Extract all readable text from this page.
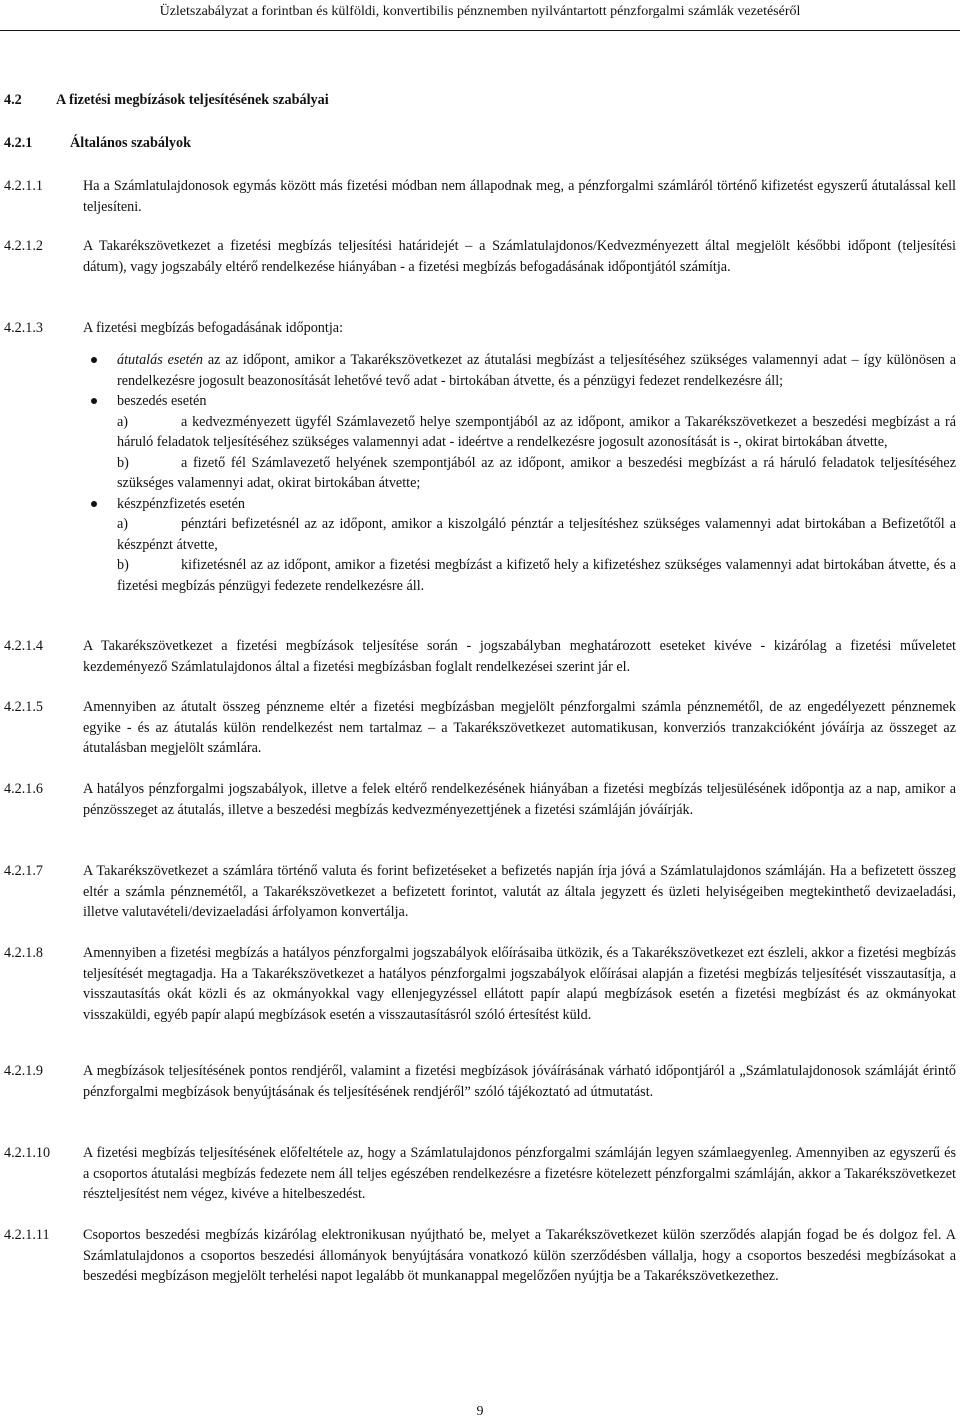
Üzletszabályzat a forintban és külföldi, konvertibilis pénznemben nyilvántartott pénzforgalmi számlák vezetéséről
4.2 A fizetési megbízások teljesítésének szabályai
4.2.1	Általános szabályok
4.2.1.1	Ha a Számlatulajdonosok egymás között más fizetési módban nem állapodnak meg, a pénzforgalmi számláról történő kifizetést egyszerű átutalással kell teljesíteni.

4.2.1.2	A Takarékszövetkezet a fizetési megbízás teljesítési határidejét – a Számlatulajdonos/Kedvezményezett által megjelölt későbbi időpont (teljesítési dátum), vagy jogszabály eltérő rendelkezése hiányában - a fizetési megbízás befogadásának időpontjától számítja.

4.2.1.3	A fizetési megbízás befogadásának időpontja:

átutalás esetén az az időpont, amikor a Takarékszövetkezet az átutalási megbízást a teljesítéséhez szükséges valamennyi adat – így különösen a rendelkezésre jogosult beazonosítását lehetővé tevő adat - birtokában átvette, és a pénzügyi fedezet rendelkezésre áll;
beszedés esetén
a)	a kedvezményezett ügyfél Számlavezető helye szempontjából az az időpont, amikor a Takarékszövetkezet a beszedési megbízást a rá háruló feladatok teljesítéséhez szükséges valamennyi adat - ideértve a rendelkezésre jogosult azonosítását is -, okirat birtokában átvette,
b)	a fizető fél Számlavezető helyének szempontjából az az időpont, amikor a beszedési megbízást a rá háruló feladatok teljesítéséhez szükséges valamennyi adat, okirat birtokában átvette;
készpénzfizetés esetén
a)	pénztári befizetésnél az az időpont, amikor a kiszolgáló pénztár a teljesítéshez szükséges valamennyi adat birtokában a Befizetőtől a készpénzt átvette,
b)	kifizetésnél az az időpont, amikor a fizetési megbízást a kifizető hely a kifizetéshez szükséges valamennyi adat birtokában átvette, és a fizetési megbízás pénzügyi fedezete rendelkezésre áll.
4.2.1.4	A Takarékszövetkezet a fizetési megbízások teljesítése során - jogszabályban meghatározott eseteket kivéve - kizárólag a fizetési műveletet kezdeményező Számlatulajdonos által a fizetési megbízásban foglalt rendelkezései szerint jár el.

4.2.1.5	Amennyiben az átutalt összeg pénzneme eltér a fizetési megbízásban megjelölt pénzforgalmi számla pénznemétől, de az engedélyezett pénznemek egyike - és az átutalás külön rendelkezést nem tartalmaz – a Takarékszövetkezet automatikusan, konverziós tranzakcióként jóváírja az összeget az átutalásban megjelölt számlára.

4.2.1.6	A hatályos pénzforgalmi jogszabályok, illetve a felek eltérő rendelkezésének hiányában a fizetési megbízás teljesülésének időpontja az a nap, amikor a pénzösszeget az átutalás, illetve a beszedési megbízás kedvezményezettjének a fizetési számláján jóváírják.

4.2.1.7	A Takarékszövetkezet a számlára történő valuta és forint befizetéseket a befizetés napján írja jóvá a Számlatulajdonos számláján. Ha a befizetett összeg eltér a számla pénznemétől, a Takarékszövetkezet a befizetett forintot, valutát az általa jegyzett és üzleti helyiségeiben megtekinthető devizaeladási, illetve valutavételi/devizaeladási árfolyamon konvertálja.

4.2.1.8	Amennyiben a fizetési megbízás a hatályos pénzforgalmi jogszabályok előírásaiba ütközik, és a Takarékszövetkezet ezt észleli, akkor a fizetési megbízás teljesítését megtagadja. Ha a Takarékszövetkezet a hatályos pénzforgalmi jogszabályok előírásai alapján a fizetési megbízás teljesítését visszautasítja, a visszautasítás okát közli és az okmányokkal vagy ellenjegyzéssel ellátott papír alapú megbízások esetén a fizetési megbízást és az okmányokat visszaküldi, egyéb papír alapú megbízások esetén a visszautasításról szóló értesítést küld.

4.2.1.9	A megbízások teljesítésének pontos rendjéről, valamint a fizetési megbízások jóváírásának várható időpontjáról a „Számlatulajdonosok számláját érintő pénzforgalmi megbízások benyújtásának és teljesítésének rendjéről” szóló tájékoztató ad útmutatást.

4.2.1.10 A fizetési megbízás teljesítésének előfeltétele az, hogy a Számlatulajdonos pénzforgalmi számláján legyen számlaegyenleg. Amennyiben az egyszerű és a csoportos átutalási megbízás fedezete nem áll teljes egészében rendelkezésre a fizetésre kötelezett pénzforgalmi számláján, akkor a Takarékszövetkezet részteljesítést nem végez, kivéve a hitelbeszedést.

4.2.1.11 Csoportos beszedési megbízás kizárólag elektronikusan nyújtható be, melyet a Takarékszövetkezet külön szerződés alapján fogad be és dolgoz fel. A Számlatulajdonos a csoportos beszedési állományok benyújtására vonatkozó külön szerződésben vállalja, hogy a csoportos beszedési megbízásokat a beszedési megbízáson megjelölt terhelési napot legalább öt munkanappal megelőzően nyújtja be a Takarékszövetkezethez.

9
